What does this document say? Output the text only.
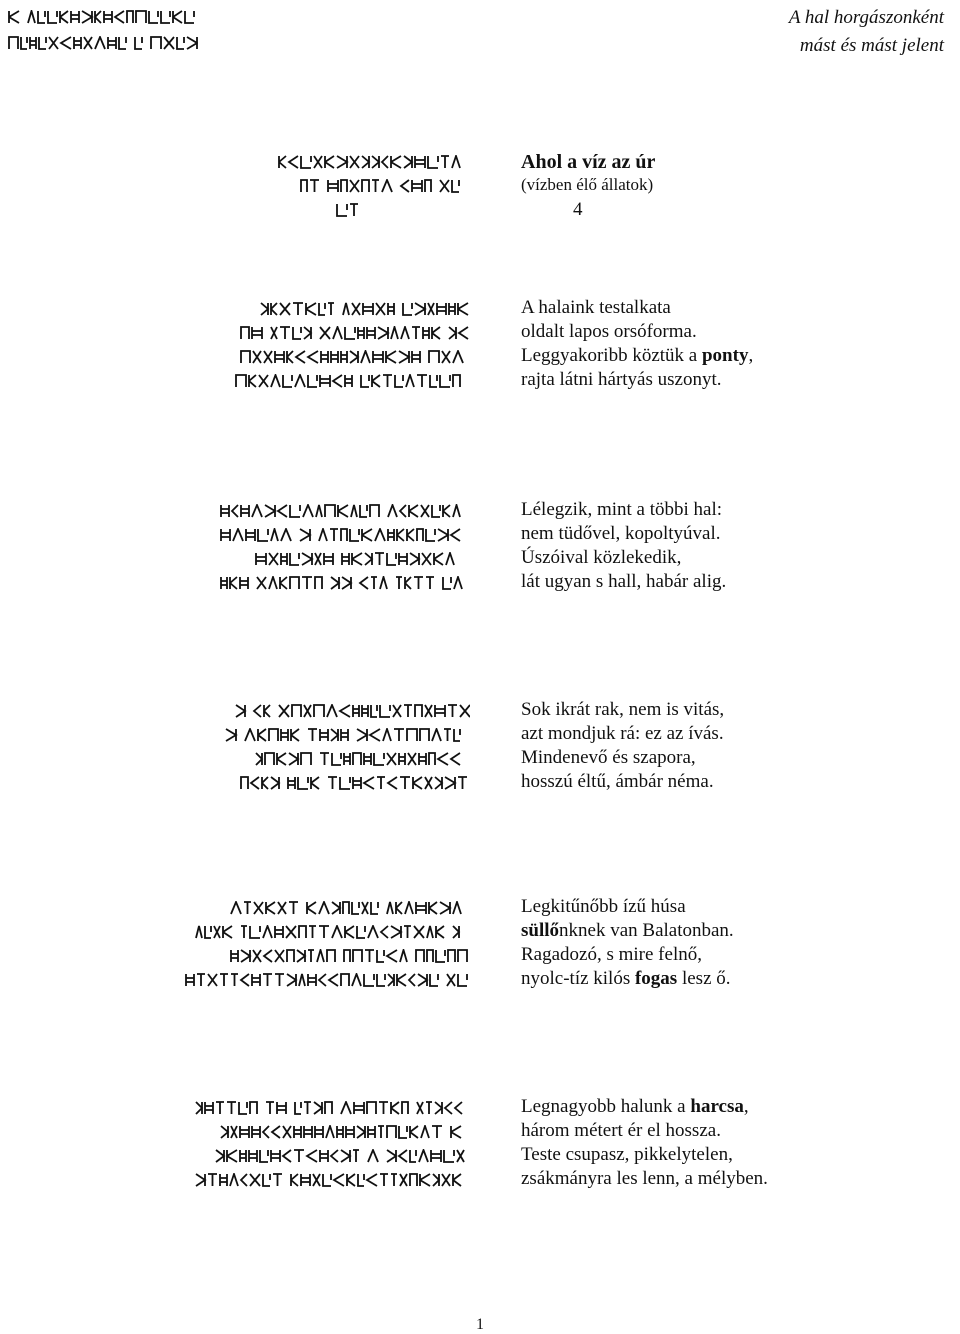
A hal horgászonként
mást és mást jelent
Ahol a víz az úr
(vízben élő állatok)
4
A halaink testalkata
oldalt lapos orsóforma.
Leggyakoribb köztük a ponty,
rajta látni hártyás uszonyt.
Lélegzik, mint a többi hal:
nem tüdővel, kopoltyúval.
Úszóival közlekedik,
lát ugyan s hall, habár alig.
Sok ikrát rak, nem is vitás,
azt mondjuk rá: ez az ívás.
Mindenevő és szapora,
hosszú éltű, ámbár néma.
Legkitűnőbb ízű húsa
süllőnknek van Balatonban.
Ragadozó, s mire felnő,
nyolc-tíz kilós fogas lesz ő.
Legnagyobb halunk a harcsa,
három métert ér el hossza.
Teste csupasz, pikkelytelen,
zsákmányra les lenn, a mélyben.
1
